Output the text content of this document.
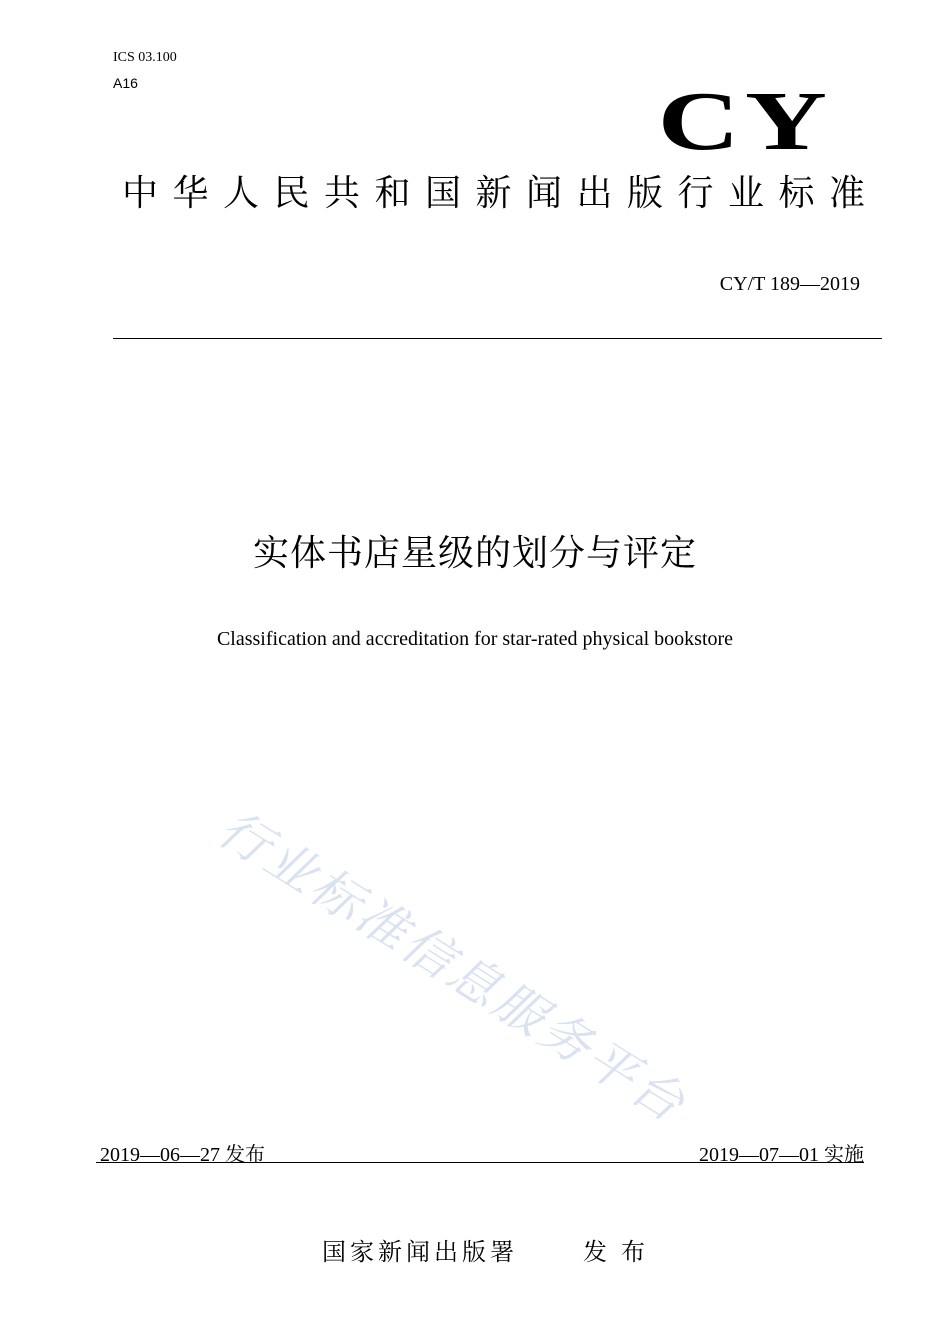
ICS 03.100
A16	CY
中华人民共和国新闻出版行业标准
CY/T 189—2019
实体书店星级的划分与评定
Classification and accreditation for star-rated physical bookstore
行业标准信息服务平台
2019—06—27 发布	2019—07—01 实施
国家新闻出版署	发布
